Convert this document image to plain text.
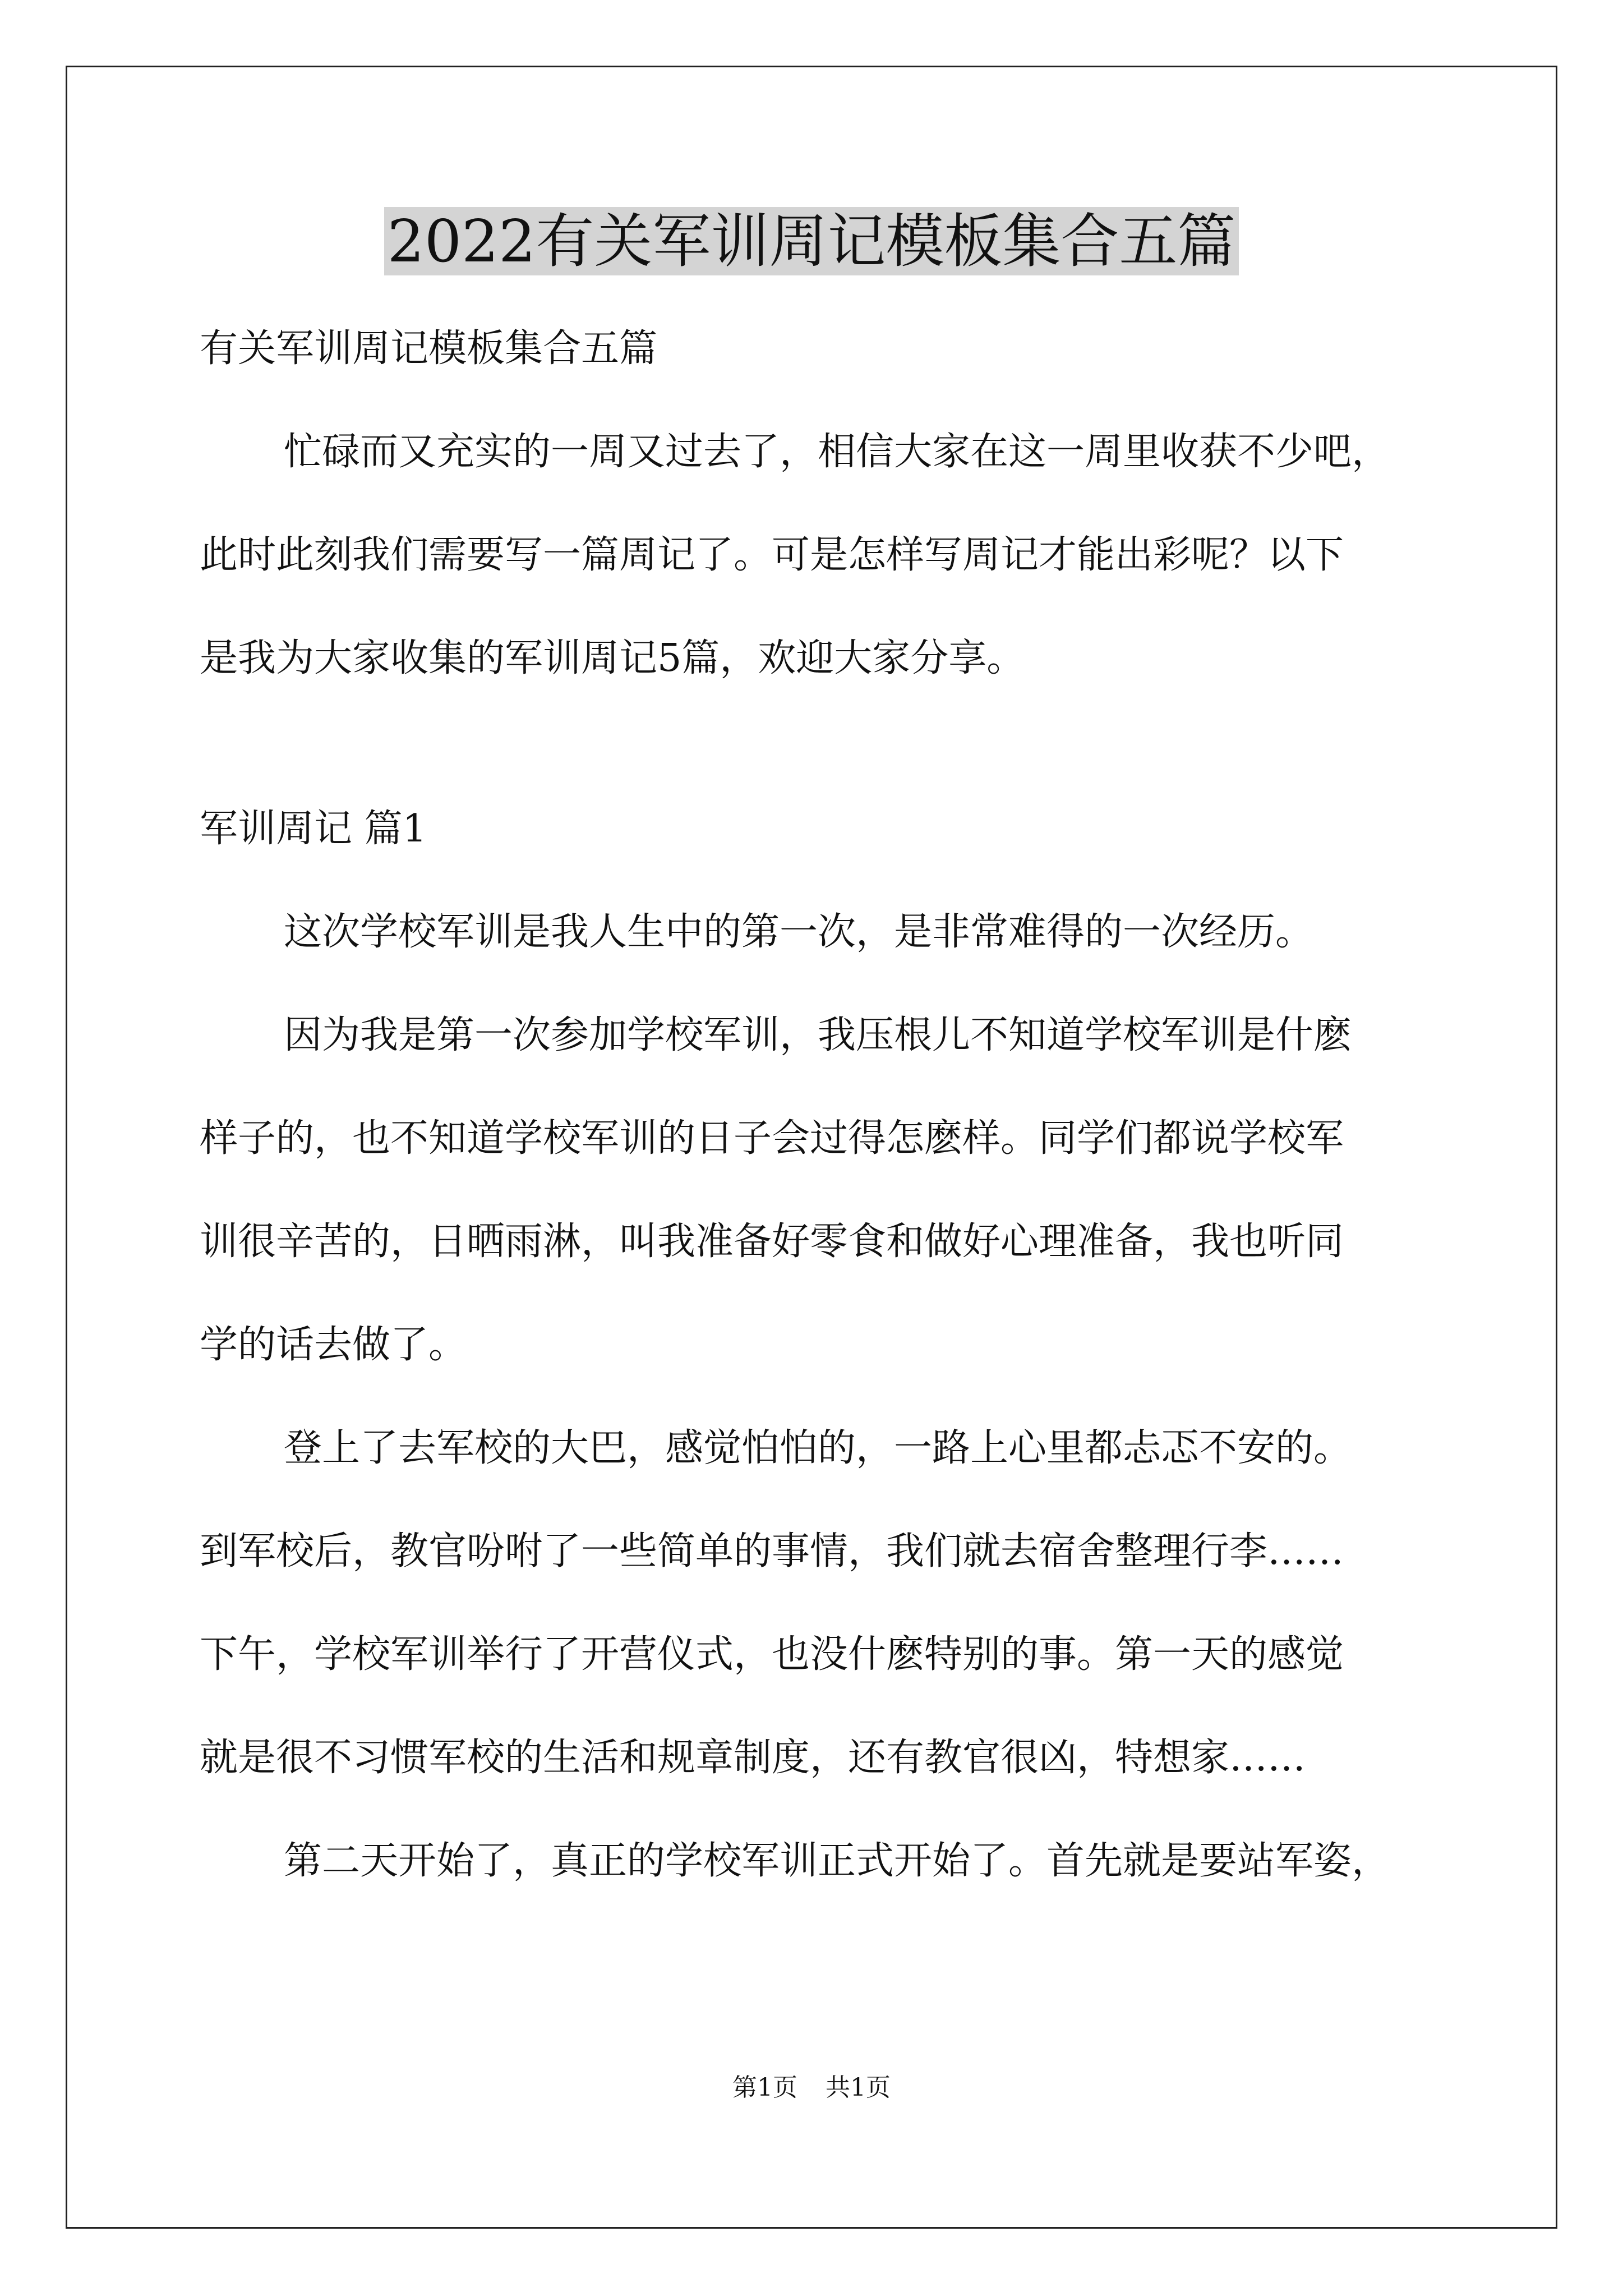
2022有关军训周记模板集合五篇

有关军训周记模板集合五篇

忙碌而又充实的一周又过去了，相信大家在这一周里收获不少吧，

此时此刻我们需要写一篇周记了。可是怎样写周记才能出彩呢？以下

是我为大家收集的军训周记5篇，欢迎大家分享。

军训周记 篇1

这次学校军训是我人生中的第一次，是非常难得的一次经历。

因为我是第一次参加学校军训，我压根儿不知道学校军训是什麽

样子的，也不知道学校军训的日子会过得怎麽样。同学们都说学校军

训很辛苦的，日晒雨淋，叫我准备好零食和做好心理准备，我也听同

学的话去做了。

登上了去军校的大巴，感觉怕怕的，一路上心里都忐忑不安的。

到军校后，教官吩咐了一些简单的事情，我们就去宿舍整理行李……

下午，学校军训举行了开营仪式，也没什麽特别的事。第一天的感觉

就是很不习惯军校的生活和规章制度，还有教官很凶，特想家……

第二天开始了，真正的学校军训正式开始了。首先就是要站军姿，

第1页 共1页
